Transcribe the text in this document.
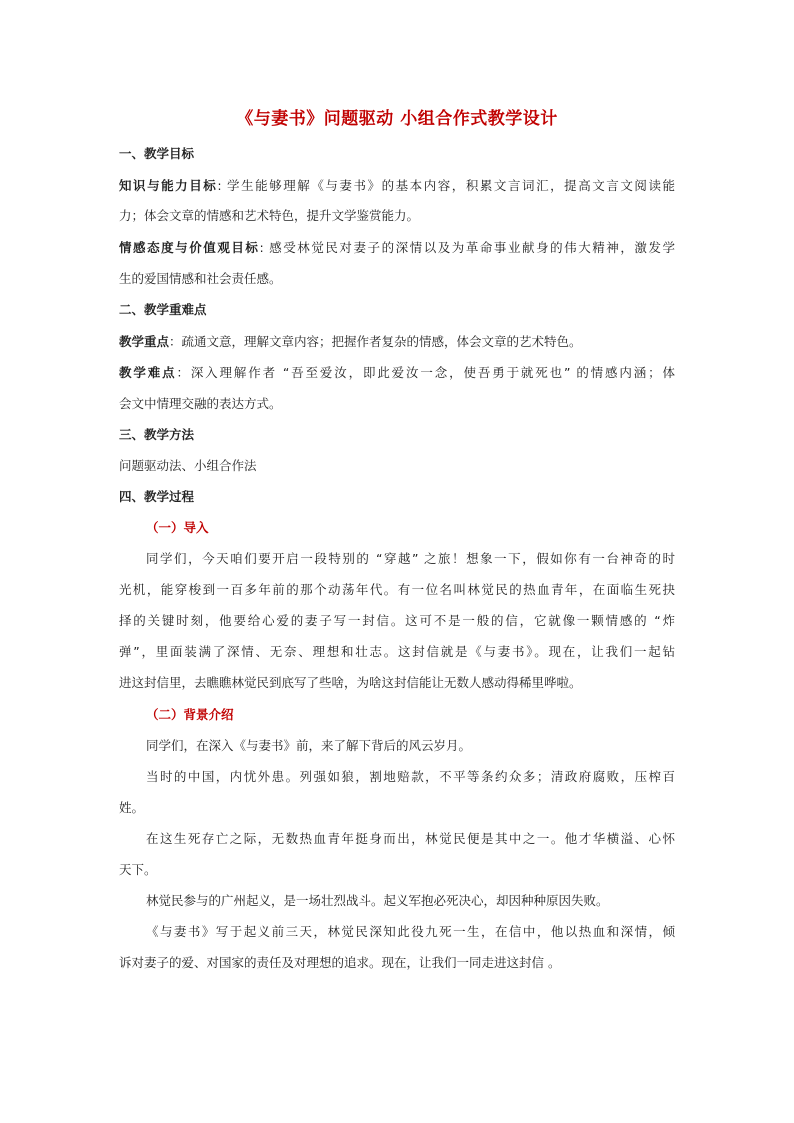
《与妻书》问题驱动 小组合作式教学设计
一、教学目标
知识与能力目标: 学生能够理解《与妻书》的基本内容，积累文言词汇，提高文言文阅读能
力；体会文章的情感和艺术特色，提升文学鉴赏能力。
情感态度与价值观目标: 感受林觉民对妻子的深情以及为革命事业献身的伟大精神，激发学
生的爱国情感和社会责任感。
二、教学重难点
教学重点：疏通文意，理解文章内容；把握作者复杂的情感，体会文章的艺术特色。
教学难点：深入理解作者 “吾至爱汝，即此爱汝一念，使吾勇于就死也” 的情感内涵；体
会文中情理交融的表达方式。
三、教学方法
问题驱动法、小组合作法
四、教学过程
（一）导入
同学们，今天咱们要开启一段特别的 “穿越” 之旅！想象一下，假如你有一台神奇的时
光机，能穿梭到一百多年前的那个动荡年代。有一位名叫林觉民的热血青年，在面临生死抉
择的关键时刻，他要给心爱的妻子写一封信。这可不是一般的信，它就像一颗情感的 “炸
弹”，里面装满了深情、无奈、理想和壮志。这封信就是《与妻书》。现在，让我们一起钻
进这封信里，去瞧瞧林觉民到底写了些啥，为啥这封信能让无数人感动得稀里哗啦。
（二）背景介绍
同学们，在深入《与妻书》前，来了解下背后的风云岁月。
当时的中国，内忧外患。列强如狼，割地赔款，不平等条约众多；清政府腐败，压榨百
姓。
在这生死存亡之际，无数热血青年挺身而出，林觉民便是其中之一。他才华横溢、心怀
天下。
林觉民参与的广州起义，是一场壮烈战斗。起义军抱必死决心，却因种种原因失败。
《与妻书》写于起义前三天，林觉民深知此役九死一生，在信中，他以热血和深情，倾
诉对妻子的爱、对国家的责任及对理想的追求。现在，让我们一同走进这封信 。
